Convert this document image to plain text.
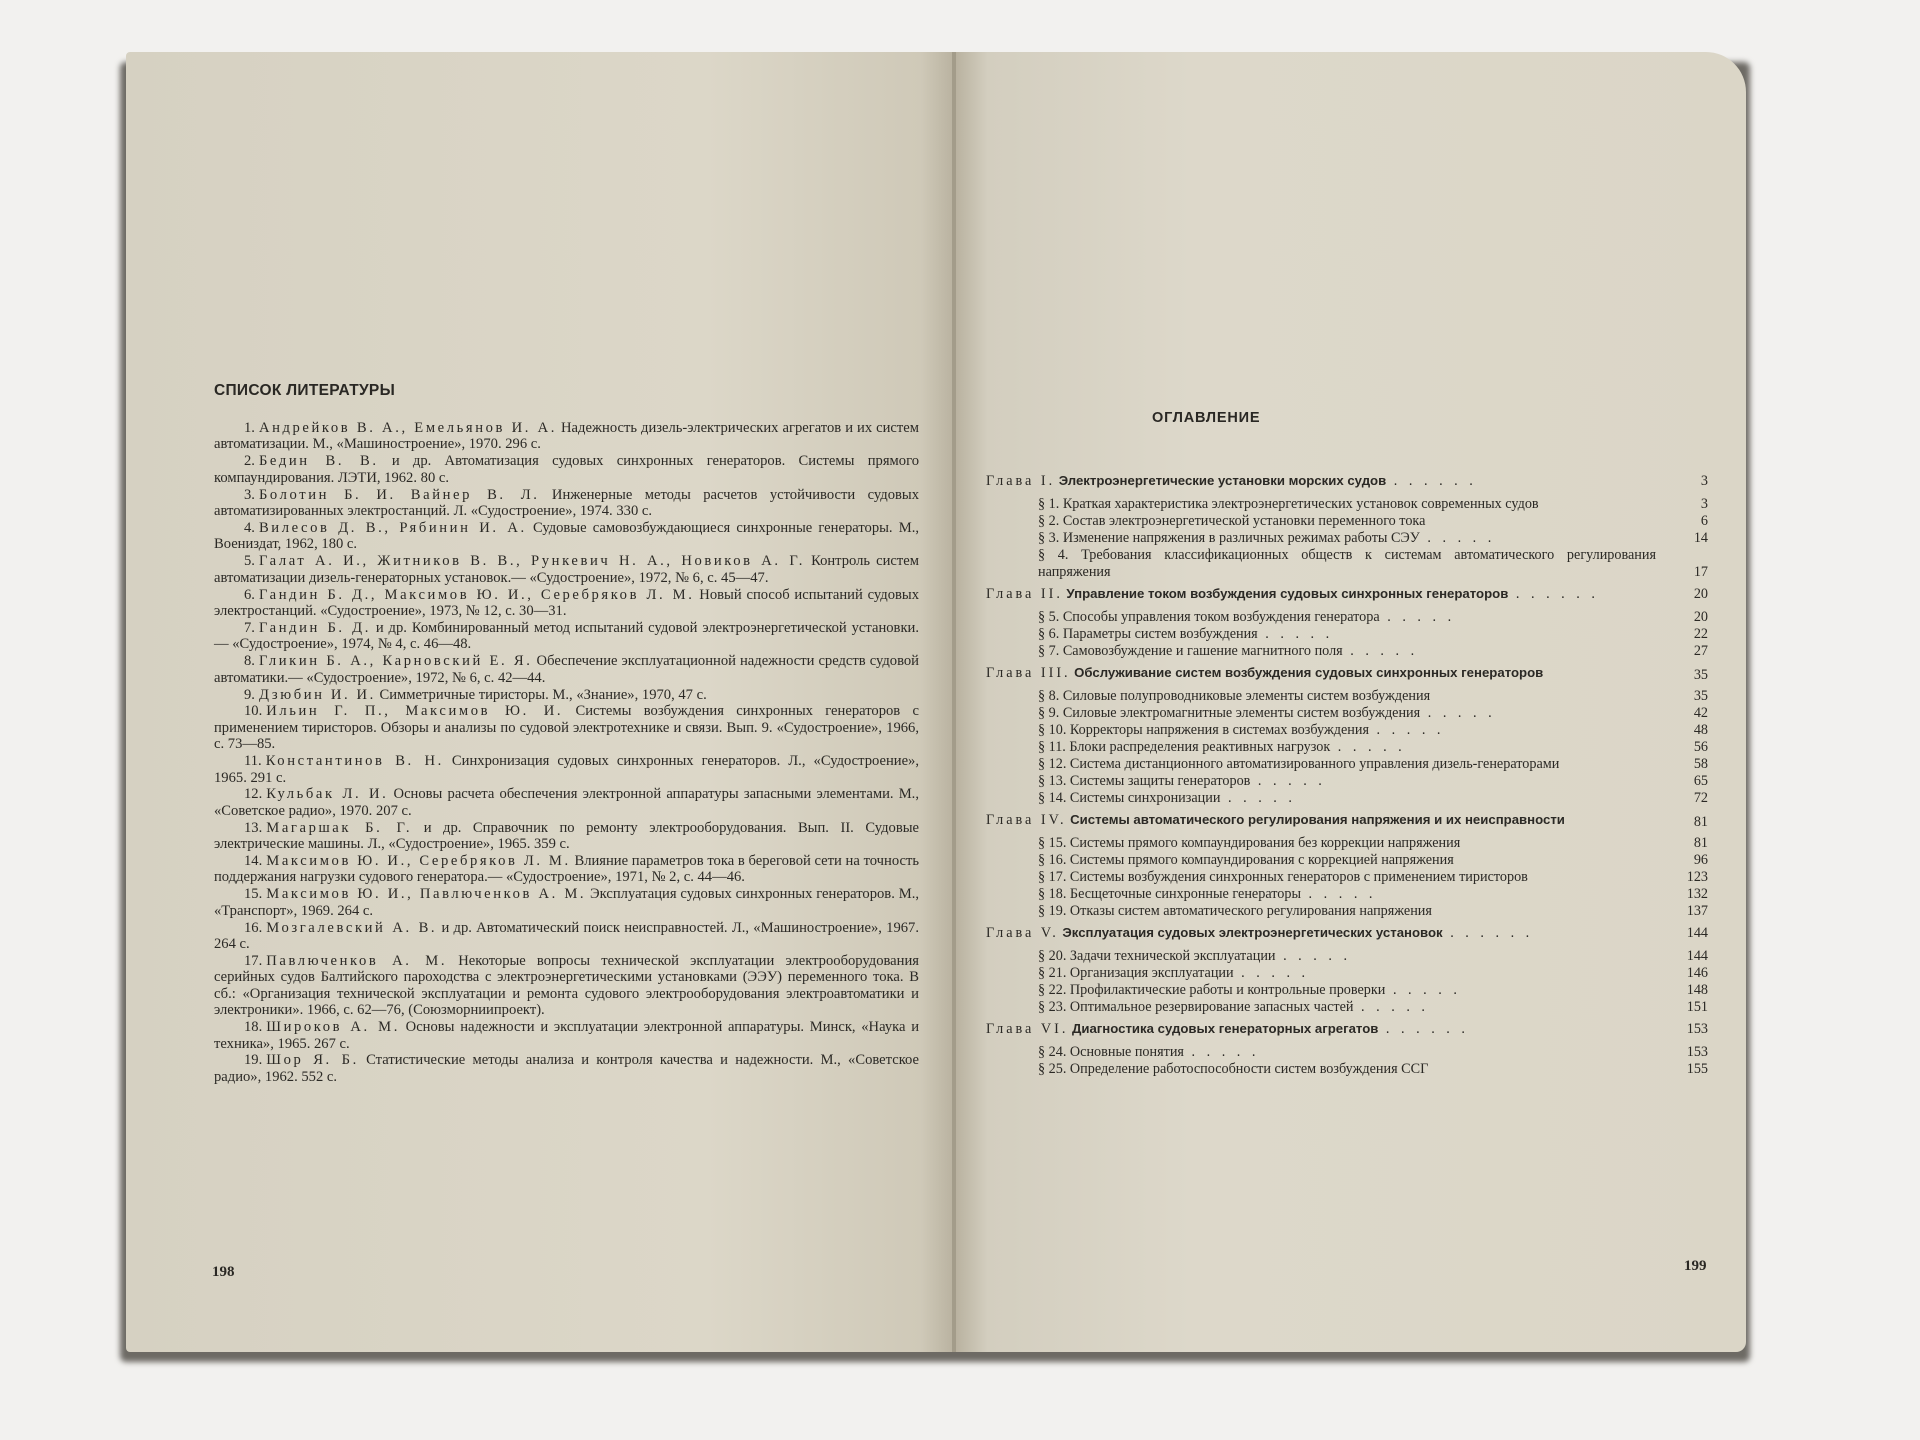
СПИСОК ЛИТЕРАТУРЫ

1. Андрейков В. А., Емельянов И. А. Надежность дизель-электрических агрегатов и их систем автоматизации. М., «Машиностроение», 1970. 296 с.

2. Бедин В. В. и др. Автоматизация судовых синхронных генераторов. Системы прямого компаундирования. ЛЭТИ, 1962. 80 с.

3. Болотин Б. И. Вайнер В. Л. Инженерные методы расчетов устойчивости судовых автоматизированных электростанций. Л. «Судостроение», 1974. 330 с.

4. Вилесов Д. В., Рябинин И. А. Судовые самовозбуждающиеся синхронные генераторы. М., Воениздат, 1962, 180 с.

5. Галат А. И., Житников В. В., Рункевич Н. А., Новиков А. Г. Контроль систем автоматизации дизель-генераторных установок.— «Судостроение», 1972, № 6, с. 45—47.

6. Гандин Б. Д., Максимов Ю. И., Серебряков Л. М. Новый способ испытаний судовых электростанций. «Судостроение», 1973, № 12, с. 30—31.

7. Гандин Б. Д. и др. Комбинированный метод испытаний судовой электроэнергетической установки.— «Судостроение», 1974, № 4, с. 46—48.

8. Гликин Б. А., Карновский Е. Я. Обеспечение эксплуатационной надежности средств судовой автоматики.— «Судостроение», 1972, № 6, с. 42—44.

9. Дзюбин И. И. Симметричные тиристоры. М., «Знание», 1970, 47 с.

10. Ильин Г. П., Максимов Ю. И. Системы возбуждения синхронных генераторов с применением тиристоров. Обзоры и анализы по судовой электротехнике и связи. Вып. 9. «Судостроение», 1966, с. 73—85.

11. Константинов В. Н. Синхронизация судовых синхронных генераторов. Л., «Судостроение», 1965. 291 с.

12. Кульбак Л. И. Основы расчета обеспечения электронной аппаратуры запасными элементами. М., «Советское радио», 1970. 207 с.

13. Магаршак Б. Г. и др. Справочник по ремонту электрооборудования. Вып. II. Судовые электрические машины. Л., «Судостроение», 1965. 359 с.

14. Максимов Ю. И., Серебряков Л. М. Влияние параметров тока в береговой сети на точность поддержания нагрузки судового генератора.— «Судостроение», 1971, № 2, с. 44—46.

15. Максимов Ю. И., Павлюченков А. М. Эксплуатация судовых синхронных генераторов. М., «Транспорт», 1969. 264 с.

16. Мозгалевский А. В. и др. Автоматический поиск неисправностей. Л., «Машиностроение», 1967. 264 с.

17. Павлюченков А. М. Некоторые вопросы технической эксплуатации электрооборудования серийных судов Балтийского пароходства с электроэнергетическими установками (ЭЭУ) переменного тока. В сб.: «Организация технической эксплуатации и ремонта судового электрооборудования электроавтоматики и электроники». 1966, с. 62—76, (Союзморниипроект).

18. Широков А. М. Основы надежности и эксплуатации электронной аппаратуры. Минск, «Наука и техника», 1965. 267 с.

19. Шор Я. Б. Статистические методы анализа и контроля качества и надежности. М., «Советское радио», 1962. 552 с.

198
ОГЛАВЛЕНИЕ
Глава I. Электроэнергетические установки морских судов . . . . . .	3
§ 1. Краткая характеристика электроэнергетических установок современных судов	3
§ 2. Состав электроэнергетической установки переменного тока	6
§ 3. Изменение напряжения в различных режимах работы СЭУ . . . . .	14
§ 4. Требования классификационных обществ к системам автоматического регулирования напряжения	17
Глава II. Управление током возбуждения судовых синхронных генераторов . . . . . .	20
§ 5. Способы управления током возбуждения генератора . . . . .	20
§ 6. Параметры систем возбуждения . . . . .	22
§ 7. Самовозбуждение и гашение магнитного поля . . . . .	27
Глава III. Обслуживание систем возбуждения судовых синхронных генераторов	35
§ 8. Силовые полупроводниковые элементы систем возбуждения	35
§ 9. Силовые электромагнитные элементы систем возбуждения . . . . .	42
§ 10. Корректоры напряжения в системах возбуждения . . . . .	48
§ 11. Блоки распределения реактивных нагрузок . . . . .	56
§ 12. Система дистанционного автоматизированного управления дизель-генераторами	58
§ 13. Системы защиты генераторов . . . . .	65
§ 14. Системы синхронизации . . . . .	72
Глава IV. Системы автоматического регулирования напряжения и их неисправности	81
§ 15. Системы прямого компаундирования без коррекции напряжения	81
§ 16. Системы прямого компаундирования с коррекцией напряжения	96
§ 17. Системы возбуждения синхронных генераторов с применением тиристоров	123
§ 18. Бесщеточные синхронные генераторы . . . . .	132
§ 19. Отказы систем автоматического регулирования напряжения	137
Глава V. Эксплуатация судовых электроэнергетических установок . . . . . .	144
§ 20. Задачи технической эксплуатации . . . . .	144
§ 21. Организация эксплуатации . . . . .	146
§ 22. Профилактические работы и контрольные проверки . . . . .	148
§ 23. Оптимальное резервирование запасных частей . . . . .	151
Глава VI. Диагностика судовых генераторных агрегатов . . . . . .	153
§ 24. Основные понятия . . . . .	153
§ 25. Определение работоспособности систем возбуждения ССГ	155
199
